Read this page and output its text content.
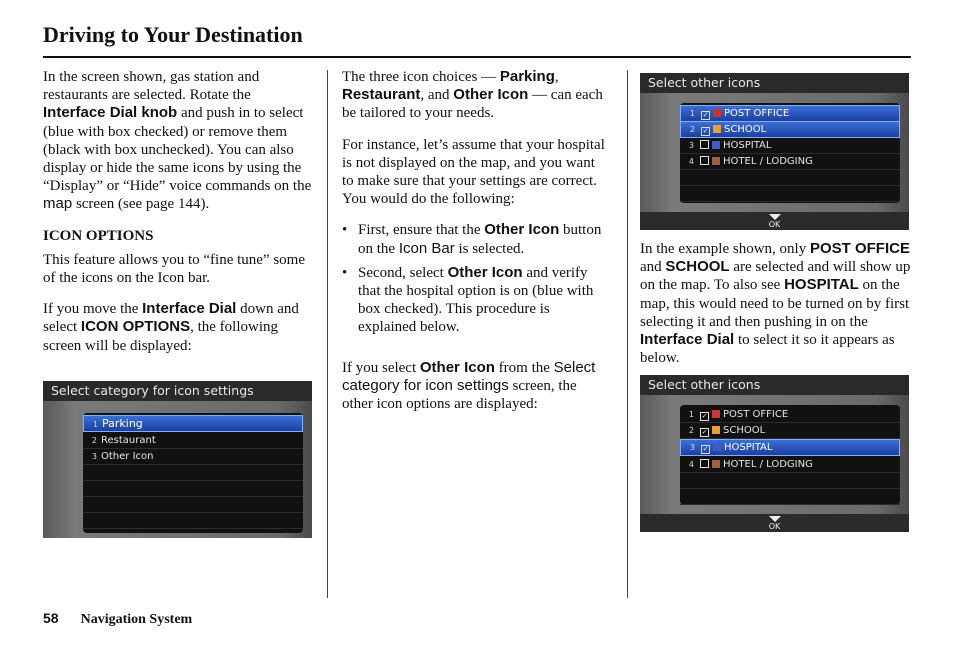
Driving to Your Destination

In the screen shown, gas station and restaurants are selected. Rotate the Interface Dial knob and push in to select (blue with box checked) or remove them (black with box unchecked). You can also display or hide the same icons by using the “Display” or “Hide” voice commands on the map screen (see page 144).

ICON OPTIONS

This feature allows you to “fine tune” some of the icons on the Icon bar.

If you move the Interface Dial down and select ICON OPTIONS, the following screen will be displayed:

Select category for icon settings
1 Parking
2 Restaurant
3 Other Icon

The three icon choices — Parking, Restaurant, and Other Icon — can each be tailored to your needs.

For instance, let’s assume that your hospital is not displayed on the map, and you want to make sure that your settings are correct. You would do the following:

• First, ensure that the Other Icon button on the Icon Bar is selected.
• Second, select Other Icon and verify that the hospital option is on (blue with box checked). This procedure is explained below.

If you select Other Icon from the Select category for icon settings screen, the other icon options are displayed:

Select other icons
1 ✓ POST OFFICE
2 ✓ SCHOOL
3	HOSPITAL
4	HOTEL / LODGING
OK

In the example shown, only POST OFFICE and SCHOOL are selected and will show up on the map. To also see HOSPITAL on the map, this would need to be turned on by first selecting it and then pushing in on the Interface Dial to select it so it appears as below.

Select other icons
1 ✓ POST OFFICE
2 ✓ SCHOOL
3 ✓ HOSPITAL
4	HOTEL / LODGING
OK
58 Navigation System
